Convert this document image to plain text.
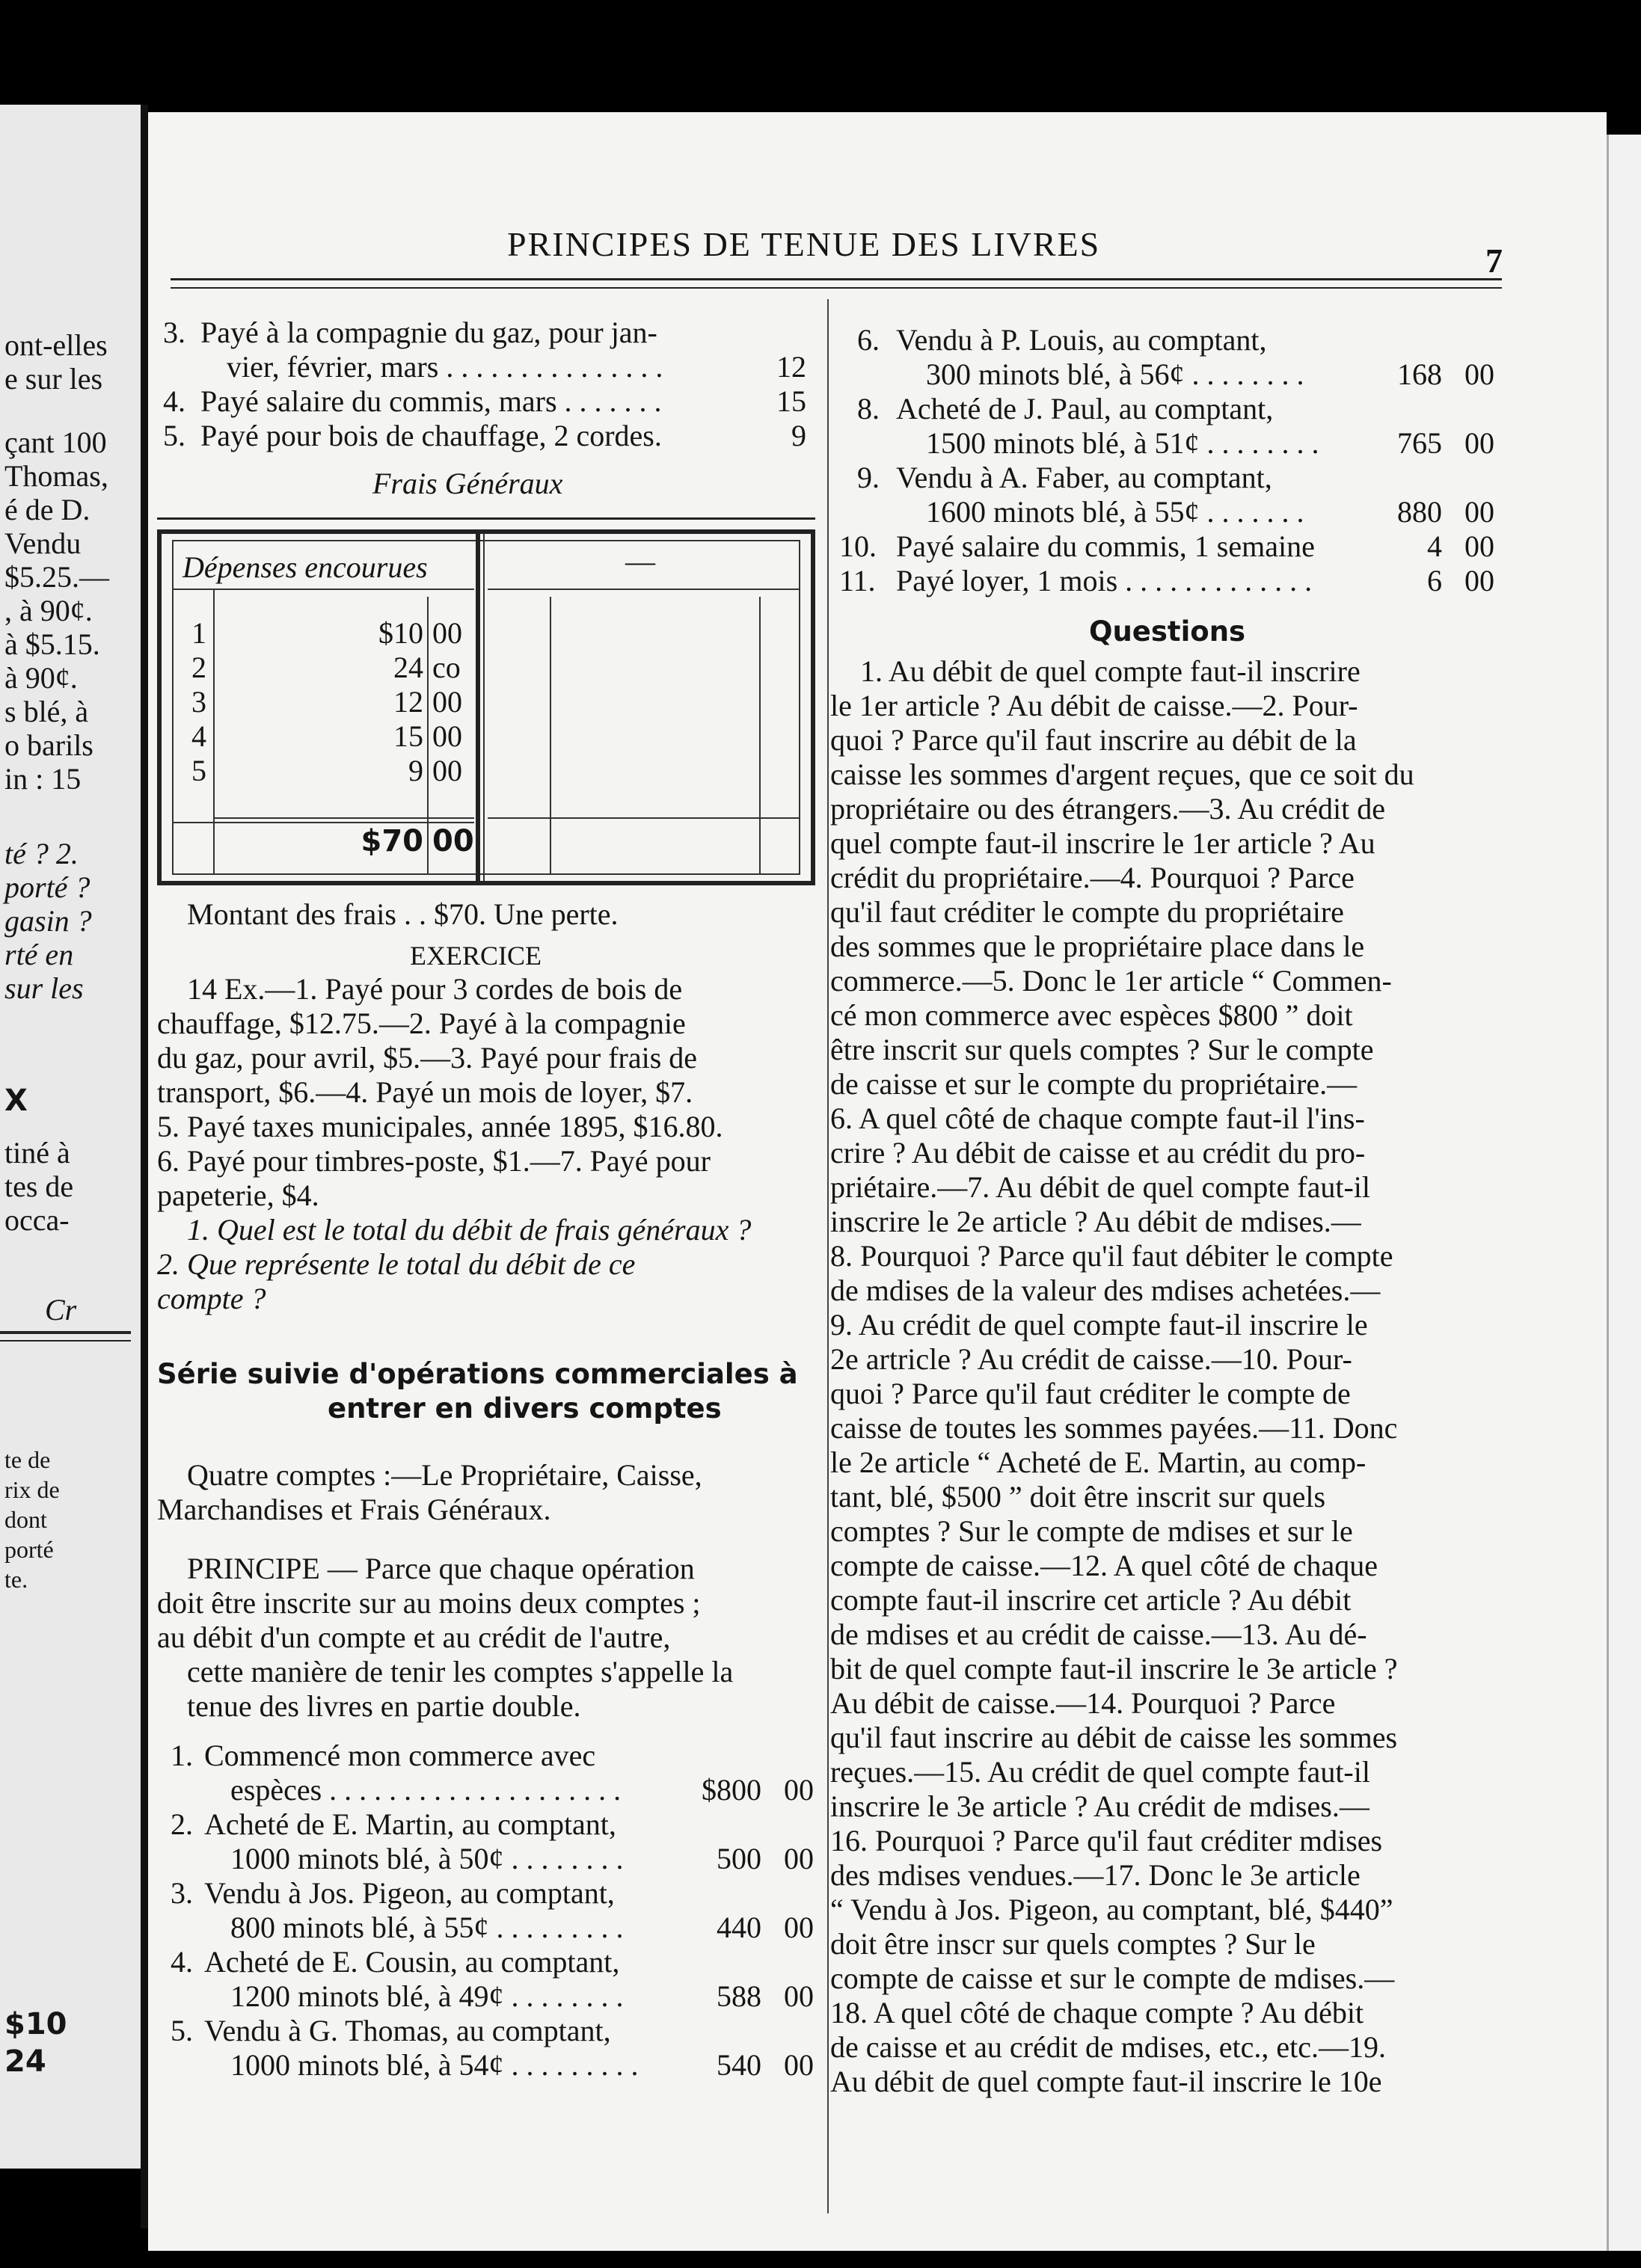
ont-elles
e sur les
çant 100
Thomas,
é de D.
Vendu
$5.25.—
, à 90¢.
à $5.15.
à 90¢.
s blé, à
o barils
in : 15
té ? 2.
porté ?
gasin ?
rté en
sur les
X
tiné à
tes de
occa-
Cr
te de
rix de
dont
porté
te.
$10
24
PRINCIPES DE TENUE DES LIVRES	7
3. Payé à la compagnie du gaz, pour jan-
vier, février, mars . . . . . . . . . . . . . . .	12
4. Payé salaire du commis, mars . . . . . . .	15
5. Payé pour bois de chauffage, 2 cordes.	9
Frais Généraux
Dépenses encourues	—
1	$10 00
2	24 co
3	12 00
4	15 00
5	9 00
$70 00
Montant des frais . . $70. Une perte.
EXERCICE
14 Ex.—1. Payé pour 3 cordes de bois de
chauffage, $12.75.—2. Payé à la compagnie
du gaz, pour avril, $5.—3. Payé pour frais de
transport, $6.—4. Payé un mois de loyer, $7.
5. Payé taxes municipales, année 1895, $16.80.
6. Payé pour timbres-poste, $1.—7. Payé pour
papeterie, $4.
1. Quel est le total du débit de frais généraux ?
2. Que représente le total du débit de ce
compte ?
Série suivie d'opérations commerciales à
entrer en divers comptes
Quatre comptes :—Le Propriétaire, Caisse,
Marchandises et Frais Généraux.
PRINCIPE — Parce que chaque opération
doit être inscrite sur au moins deux comptes ;
au débit d'un compte et au crédit de l'autre,
cette manière de tenir les comptes s'appelle la
tenue des livres en partie double.
1. Commencé mon commerce avec
espèces . . . . . . . . . . . . . . . . . . . .	$800 00
2. Acheté de E. Martin, au comptant,
1000 minots blé, à 50¢ . . . . . . . .	500 00
3. Vendu à Jos. Pigeon, au comptant,
800 minots blé, à 55¢ . . . . . . . . .	440 00
4. Acheté de E. Cousin, au comptant,
1200 minots blé, à 49¢ . . . . . . . .	588 00
5. Vendu à G. Thomas, au comptant,
1000 minots blé, à 54¢ . . . . . . . . .	540 00
6. Vendu à P. Louis, au comptant,
300 minots blé, à 56¢ . . . . . . . .	168 00
8. Acheté de J. Paul, au comptant,
1500 minots blé, à 51¢ . . . . . . . .	765 00
9. Vendu à A. Faber, au comptant,
1600 minots blé, à 55¢ . . . . . . .	880 00
10. Payé salaire du commis, 1 semaine	4 00
11. Payé loyer, 1 mois . . . . . . . . . . . . .	6 00
Questions
1. Au débit de quel compte faut-il inscrire
le 1er article ? Au débit de caisse.—2. Pour-
quoi ? Parce qu'il faut inscrire au débit de la
caisse les sommes d'argent reçues, que ce soit du
propriétaire ou des étrangers.—3. Au crédit de
quel compte faut-il inscrire le 1er article ? Au
crédit du propriétaire.—4. Pourquoi ? Parce
qu'il faut créditer le compte du propriétaire
des sommes que le propriétaire place dans le
commerce.—5. Donc le 1er article “ Commen-
cé mon commerce avec espèces $800 ” doit
être inscrit sur quels comptes ? Sur le compte
de caisse et sur le compte du propriétaire.—
6. A quel côté de chaque compte faut-il l'ins-
crire ? Au débit de caisse et au crédit du pro-
priétaire.—7. Au débit de quel compte faut-il
inscrire le 2e article ? Au débit de mdises.—
8. Pourquoi ? Parce qu'il faut débiter le compte
de mdises de la valeur des mdises achetées.—
9. Au crédit de quel compte faut-il inscrire le
2e artricle ? Au crédit de caisse.—10. Pour-
quoi ? Parce qu'il faut créditer le compte de
caisse de toutes les sommes payées.—11. Donc
le 2e article “ Acheté de E. Martin, au comp-
tant, blé, $500 ” doit être inscrit sur quels
comptes ? Sur le compte de mdises et sur le
compte de caisse.—12. A quel côté de chaque
compte faut-il inscrire cet article ? Au débit
de mdises et au crédit de caisse.—13. Au dé-
bit de quel compte faut-il inscrire le 3e article ?
Au débit de caisse.—14. Pourquoi ? Parce
qu'il faut inscrire au débit de caisse les sommes
reçues.—15. Au crédit de quel compte faut-il
inscrire le 3e article ? Au crédit de mdises.—
16. Pourquoi ? Parce qu'il faut créditer mdises
des mdises vendues.—17. Donc le 3e article
“ Vendu à Jos. Pigeon, au comptant, blé, $440”
doit être inscr sur quels comptes ? Sur le
compte de caisse et sur le compte de mdises.—
18. A quel côté de chaque compte ? Au débit
de caisse et au crédit de mdises, etc., etc.—19.
Au débit de quel compte faut-il inscrire le 10e
